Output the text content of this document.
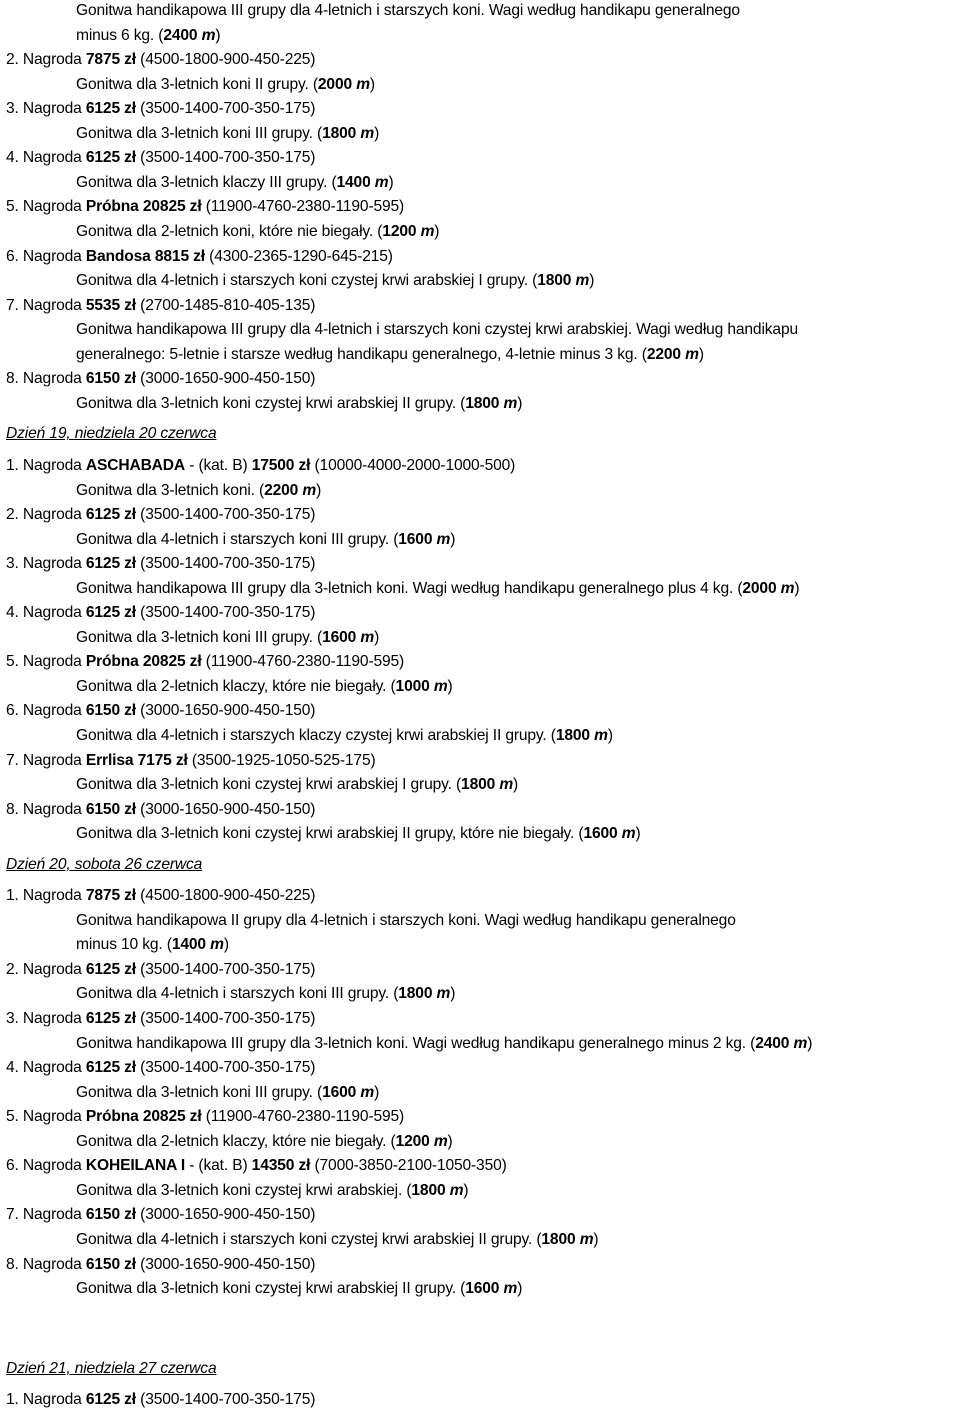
Gonitwa handikapowa III grupy dla 4-letnich i starszych koni. Wagi według handikapu generalnego
minus 6 kg. (2400 m)
2. Nagroda 7875 zł (4500-1800-900-450-225)
Gonitwa dla 3-letnich koni II grupy. (2000 m)
3. Nagroda 6125 zł (3500-1400-700-350-175)
Gonitwa dla 3-letnich koni III grupy. (1800 m)
4. Nagroda 6125 zł (3500-1400-700-350-175)
Gonitwa dla 3-letnich klaczy III grupy. (1400 m)
5. Nagroda Próbna 20825 zł (11900-4760-2380-1190-595)
Gonitwa dla 2-letnich koni, które nie biegały. (1200 m)
6. Nagroda Bandosa 8815 zł (4300-2365-1290-645-215)
Gonitwa dla 4-letnich i starszych koni czystej krwi arabskiej I grupy. (1800 m)
7. Nagroda 5535 zł (2700-1485-810-405-135)
Gonitwa handikapowa III grupy dla 4-letnich i starszych koni czystej krwi arabskiej. Wagi według handikapu
generalnego: 5-letnie i starsze według handikapu generalnego, 4-letnie minus 3 kg. (2200 m)
8. Nagroda 6150 zł (3000-1650-900-450-150)
Gonitwa dla 3-letnich koni czystej krwi arabskiej II grupy. (1800 m)
Dzień 19, niedziela 20 czerwca
1. Nagroda ASCHABADA - (kat. B) 17500 zł (10000-4000-2000-1000-500)
Gonitwa dla 3-letnich koni. (2200 m)
2. Nagroda 6125 zł (3500-1400-700-350-175)
Gonitwa dla 4-letnich i starszych koni III grupy. (1600 m)
3. Nagroda 6125 zł (3500-1400-700-350-175)
Gonitwa handikapowa III grupy dla 3-letnich koni. Wagi według handikapu generalnego plus 4 kg. (2000 m)
4. Nagroda 6125 zł (3500-1400-700-350-175)
Gonitwa dla 3-letnich koni III grupy. (1600 m)
5. Nagroda Próbna 20825 zł (11900-4760-2380-1190-595)
Gonitwa dla 2-letnich klaczy, które nie biegały. (1000 m)
6. Nagroda 6150 zł (3000-1650-900-450-150)
Gonitwa dla 4-letnich i starszych klaczy czystej krwi arabskiej II grupy. (1800 m)
7. Nagroda Errlisa 7175 zł (3500-1925-1050-525-175)
Gonitwa dla 3-letnich koni czystej krwi arabskiej I grupy. (1800 m)
8. Nagroda 6150 zł (3000-1650-900-450-150)
Gonitwa dla 3-letnich koni czystej krwi arabskiej II grupy, które nie biegały. (1600 m)
Dzień 20, sobota 26 czerwca
1. Nagroda 7875 zł (4500-1800-900-450-225)
Gonitwa handikapowa II grupy dla 4-letnich i starszych koni. Wagi według handikapu generalnego
minus 10 kg. (1400 m)
2. Nagroda 6125 zł (3500-1400-700-350-175)
Gonitwa dla 4-letnich i starszych koni III grupy. (1800 m)
3. Nagroda 6125 zł (3500-1400-700-350-175)
Gonitwa handikapowa III grupy dla 3-letnich koni. Wagi według handikapu generalnego minus 2 kg. (2400 m)
4. Nagroda 6125 zł (3500-1400-700-350-175)
Gonitwa dla 3-letnich koni III grupy. (1600 m)
5. Nagroda Próbna 20825 zł (11900-4760-2380-1190-595)
Gonitwa dla 2-letnich klaczy, które nie biegały. (1200 m)
6. Nagroda KOHEILANA I - (kat. B) 14350 zł (7000-3850-2100-1050-350)
Gonitwa dla 3-letnich koni czystej krwi arabskiej. (1800 m)
7. Nagroda 6150 zł (3000-1650-900-450-150)
Gonitwa dla 4-letnich i starszych koni czystej krwi arabskiej II grupy. (1800 m)
8. Nagroda 6150 zł (3000-1650-900-450-150)
Gonitwa dla 3-letnich koni czystej krwi arabskiej II grupy. (1600 m)
Dzień 21, niedziela 27 czerwca
1. Nagroda 6125 zł (3500-1400-700-350-175)
